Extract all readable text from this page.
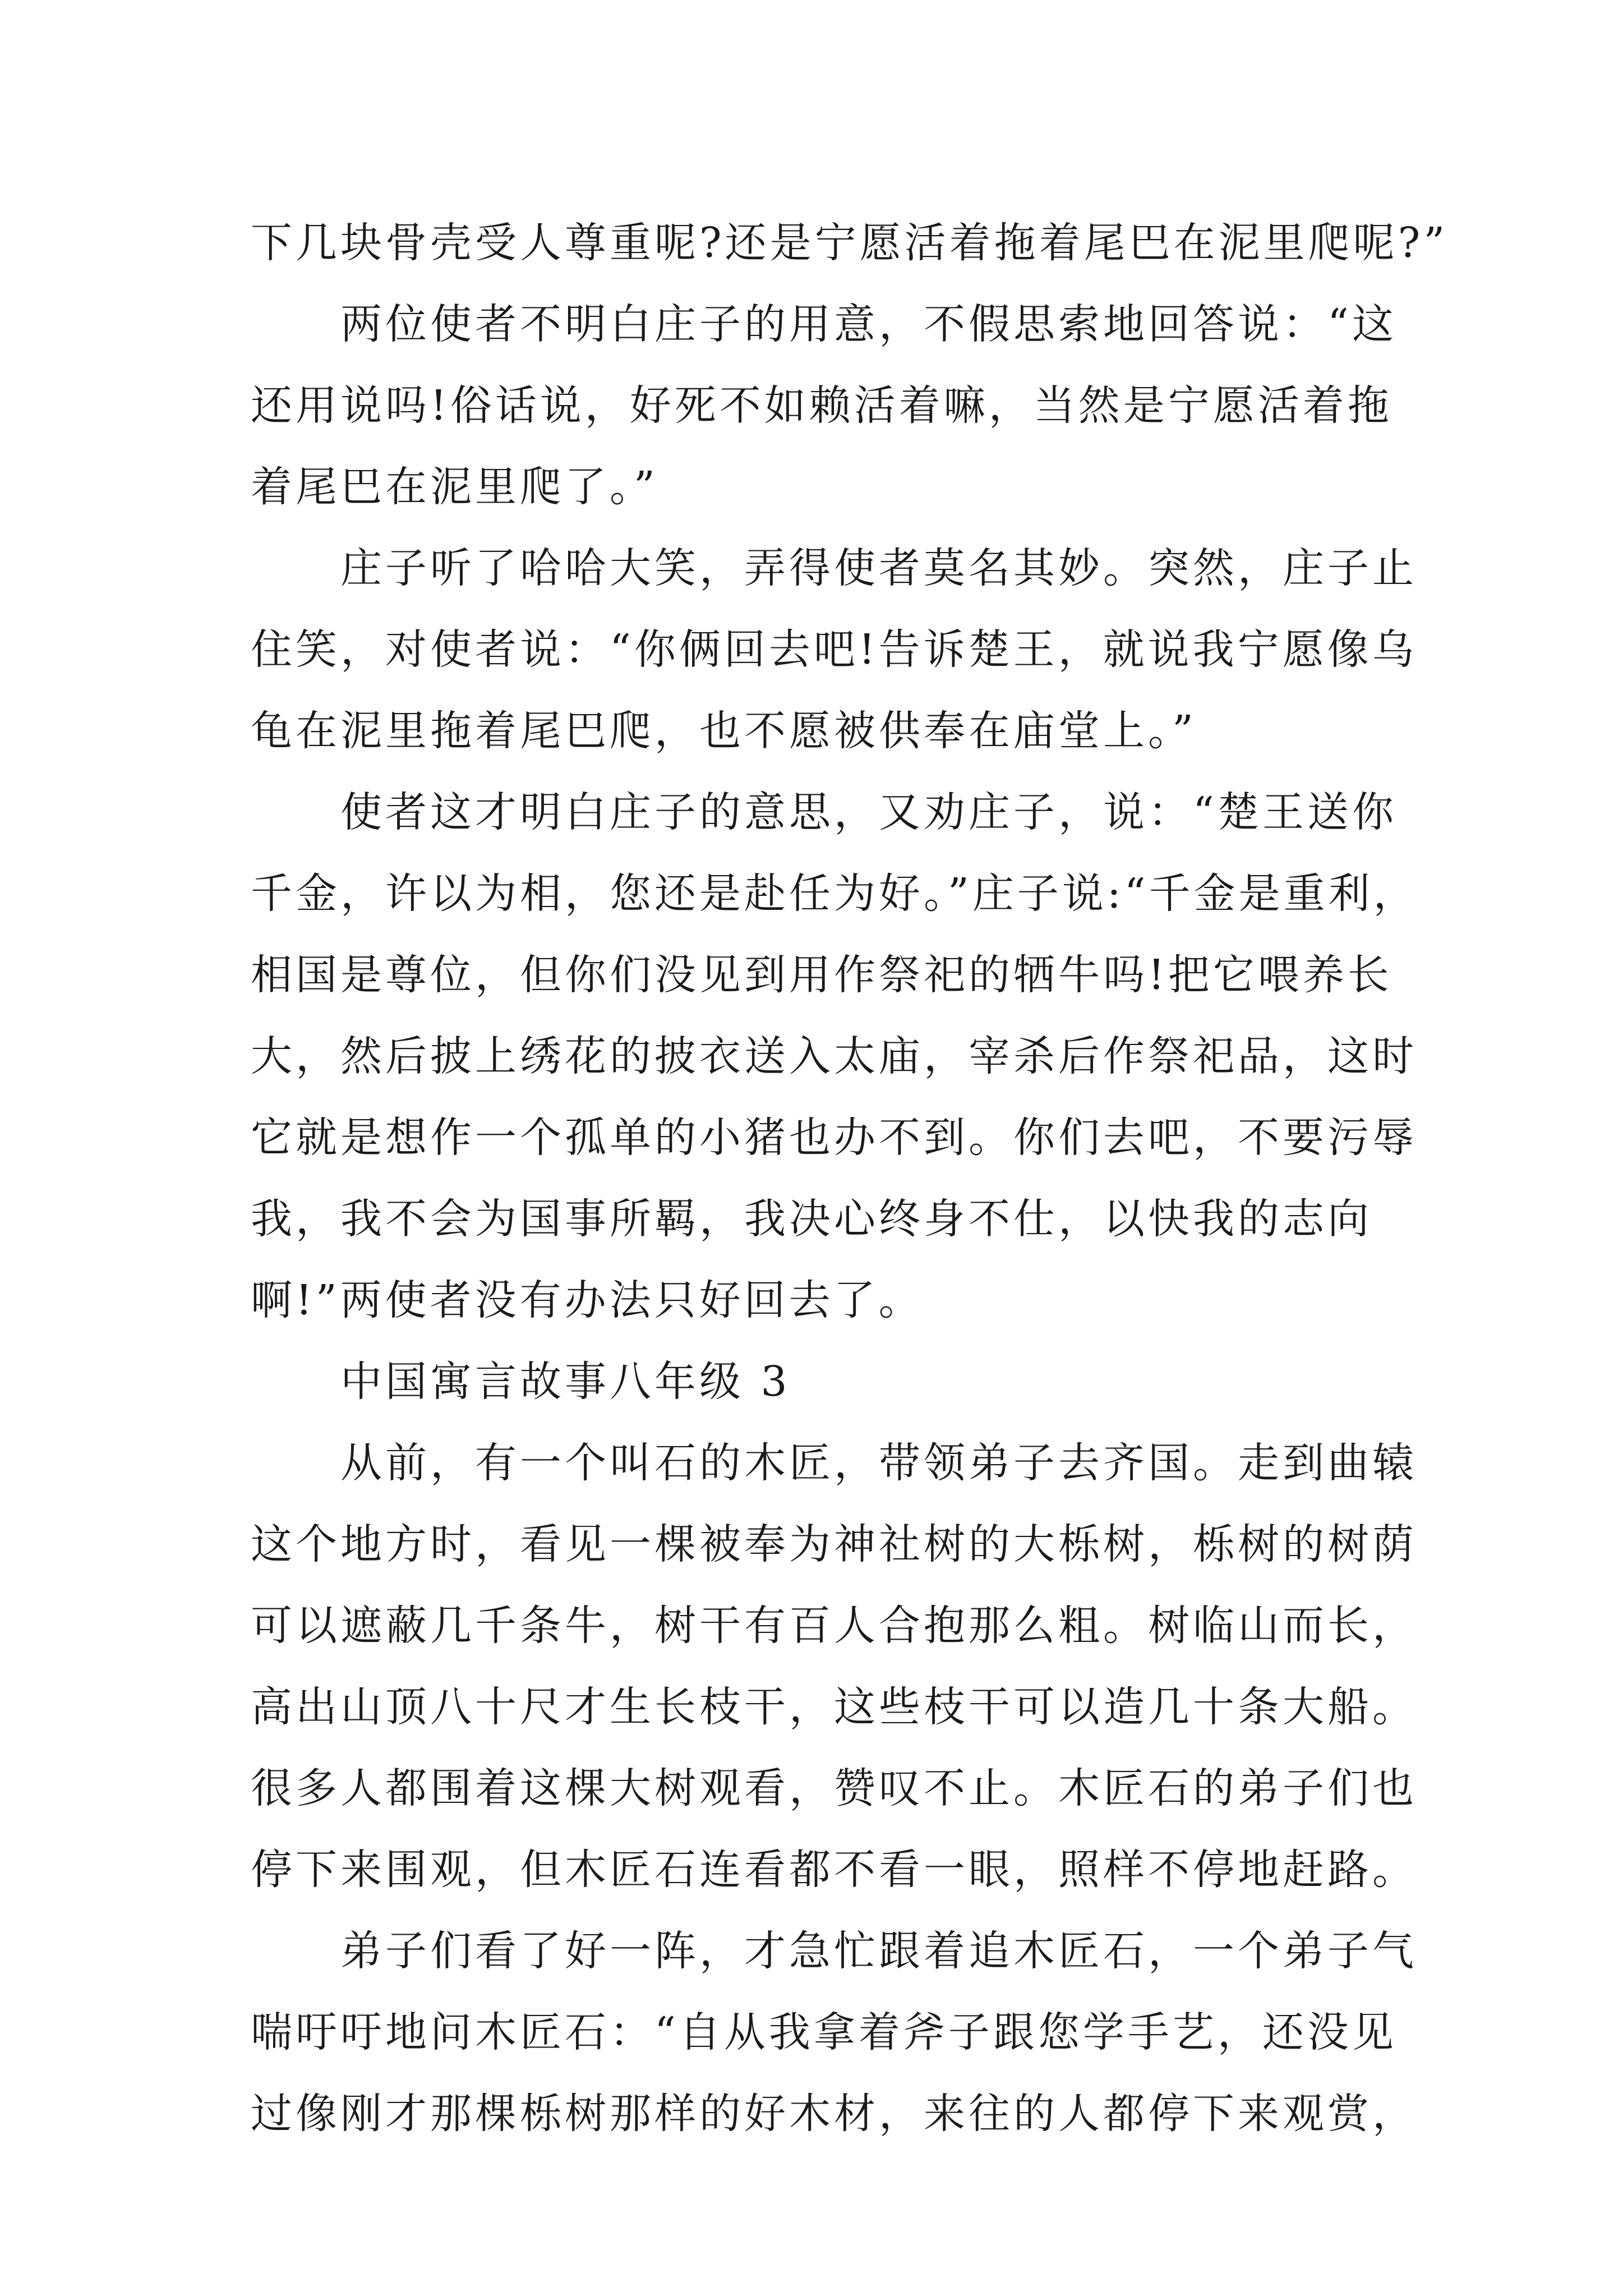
下几块骨壳受人尊重呢?还是宁愿活着拖着尾巴在泥里爬呢?”
两位使者不明白庄子的用意，不假思索地回答说：“这
还用说吗!俗话说，好死不如赖活着嘛，当然是宁愿活着拖
着尾巴在泥里爬了。”
庄子听了哈哈大笑，弄得使者莫名其妙。突然，庄子止
住笑，对使者说：“你俩回去吧!告诉楚王，就说我宁愿像乌
龟在泥里拖着尾巴爬，也不愿被供奉在庙堂上。”
使者这才明白庄子的意思，又劝庄子，说：“楚王送你
千金，许以为相，您还是赴任为好。”庄子说:“千金是重利，
相国是尊位，但你们没见到用作祭祀的牺牛吗!把它喂养长
大，然后披上绣花的披衣送入太庙，宰杀后作祭祀品，这时
它就是想作一个孤单的小猪也办不到。你们去吧，不要污辱
我，我不会为国事所羁，我决心终身不仕，以快我的志向
啊!”两使者没有办法只好回去了。
中国寓言故事八年级 3
从前，有一个叫石的木匠，带领弟子去齐国。走到曲辕
这个地方时，看见一棵被奉为神社树的大栎树，栎树的树荫
可以遮蔽几千条牛，树干有百人合抱那么粗。树临山而长，
高出山顶八十尺才生长枝干，这些枝干可以造几十条大船。
很多人都围着这棵大树观看，赞叹不止。木匠石的弟子们也
停下来围观，但木匠石连看都不看一眼，照样不停地赶路。
弟子们看了好一阵，才急忙跟着追木匠石，一个弟子气
喘吁吁地问木匠石：“自从我拿着斧子跟您学手艺，还没见
过像刚才那棵栎树那样的好木材，来往的人都停下来观赏，
